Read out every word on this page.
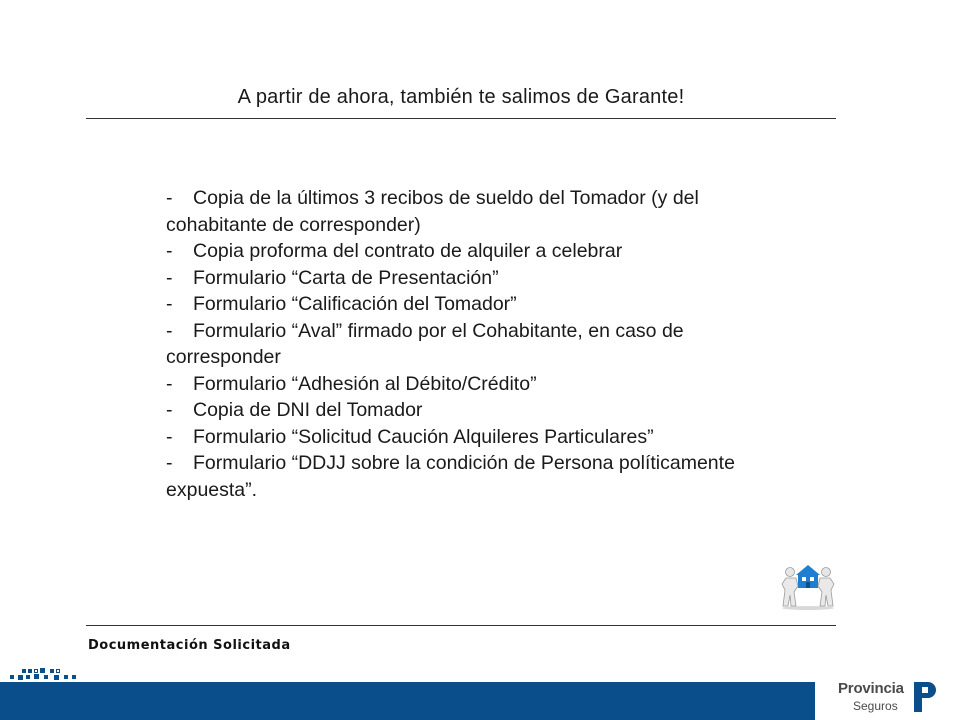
A partir de ahora, también te salimos de Garante!
- Copia de la últimos 3 recibos de sueldo del Tomador (y del cohabitante de corresponder)
- Copia proforma del contrato de alquiler a celebrar
- Formulario “Carta de Presentación”
- Formulario “Calificación del Tomador”
- Formulario “Aval” firmado por el Cohabitante, en caso de corresponder
- Formulario “Adhesión al Débito/Crédito”
- Copia de DNI del Tomador
- Formulario “Solicitud Caución Alquileres Particulares”
- Formulario “DDJJ sobre la condición de Persona políticamente expuesta”.
Documentación Solicitada
Provincia
Seguros
